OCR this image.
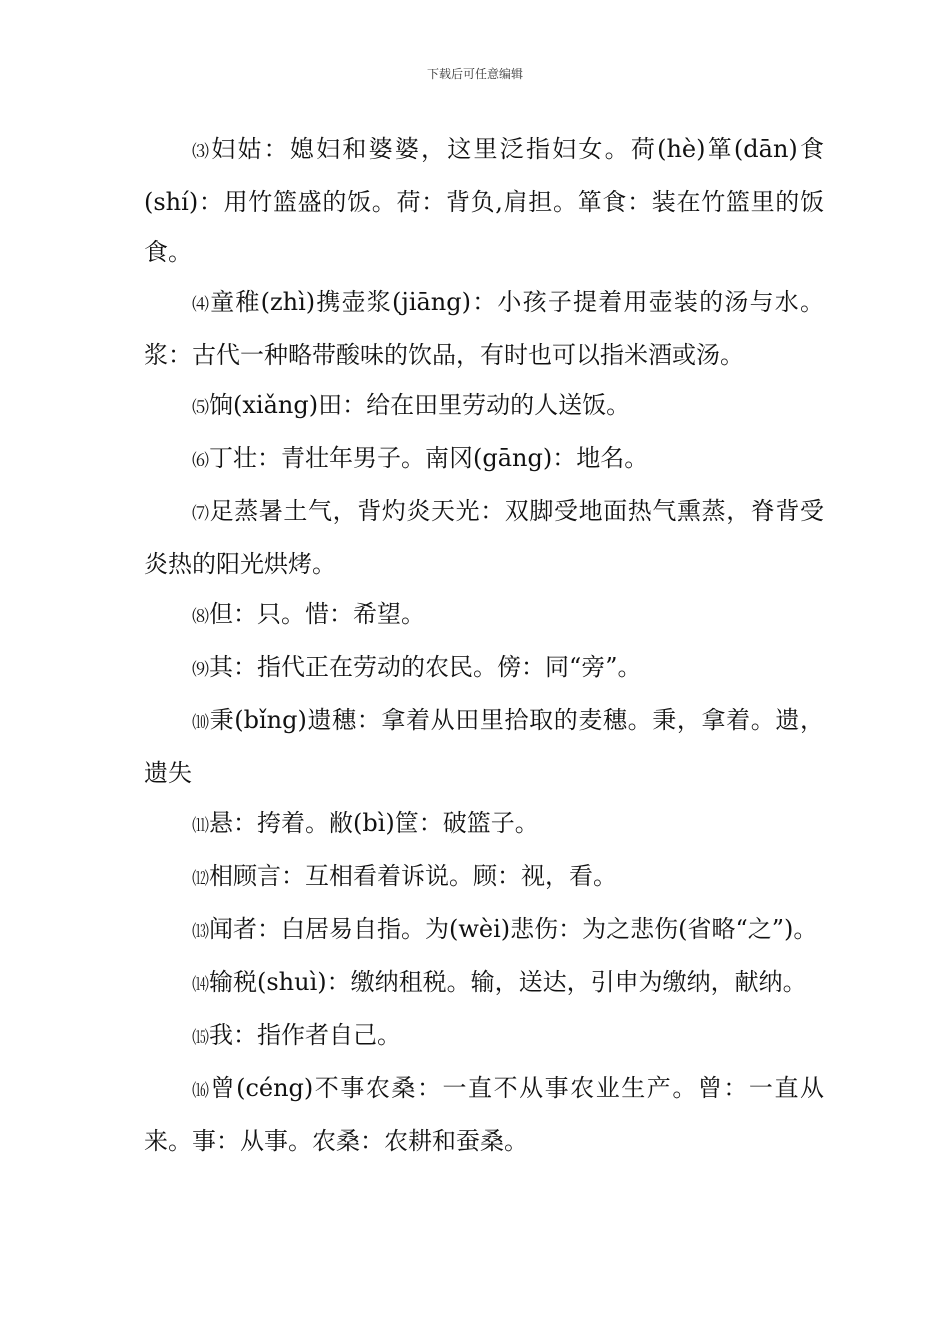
下载后可任意编辑

⑶妇姑：媳妇和婆婆，这里泛指妇女。荷(hè)箪(dān)食(shí)：用竹篮盛的饭。荷：背负,肩担。箪食：装在竹篮里的饭食。

⑷童稚(zhì)携壶浆(jiāng)：小孩子提着用壶装的汤与水。浆：古代一种略带酸味的饮品，有时也可以指米酒或汤。

⑸饷(xiǎng)田：给在田里劳动的人送饭。

⑹丁壮：青壮年男子。南冈(gāng)：地名。

⑺足蒸暑土气，背灼炎天光：双脚受地面热气熏蒸，脊背受炎热的阳光烘烤。

⑻但：只。惜：希望。

⑼其：指代正在劳动的农民。傍：同“旁”。

⑽秉(bǐng)遗穗：拿着从田里拾取的麦穗。秉，拿着。遗，遗失

⑾悬：挎着。敝(bì)筐：破篮子。

⑿相顾言：互相看着诉说。顾：视，看。

⒀闻者：白居易自指。为(wèi)悲伤：为之悲伤(省略“之”)。

⒁输税(shuì)：缴纳租税。输，送达，引申为缴纳，献纳。

⒂我：指作者自己。

⒃曾(céng)不事农桑：一直不从事农业生产。曾：一直从来。事：从事。农桑：农耕和蚕桑。
